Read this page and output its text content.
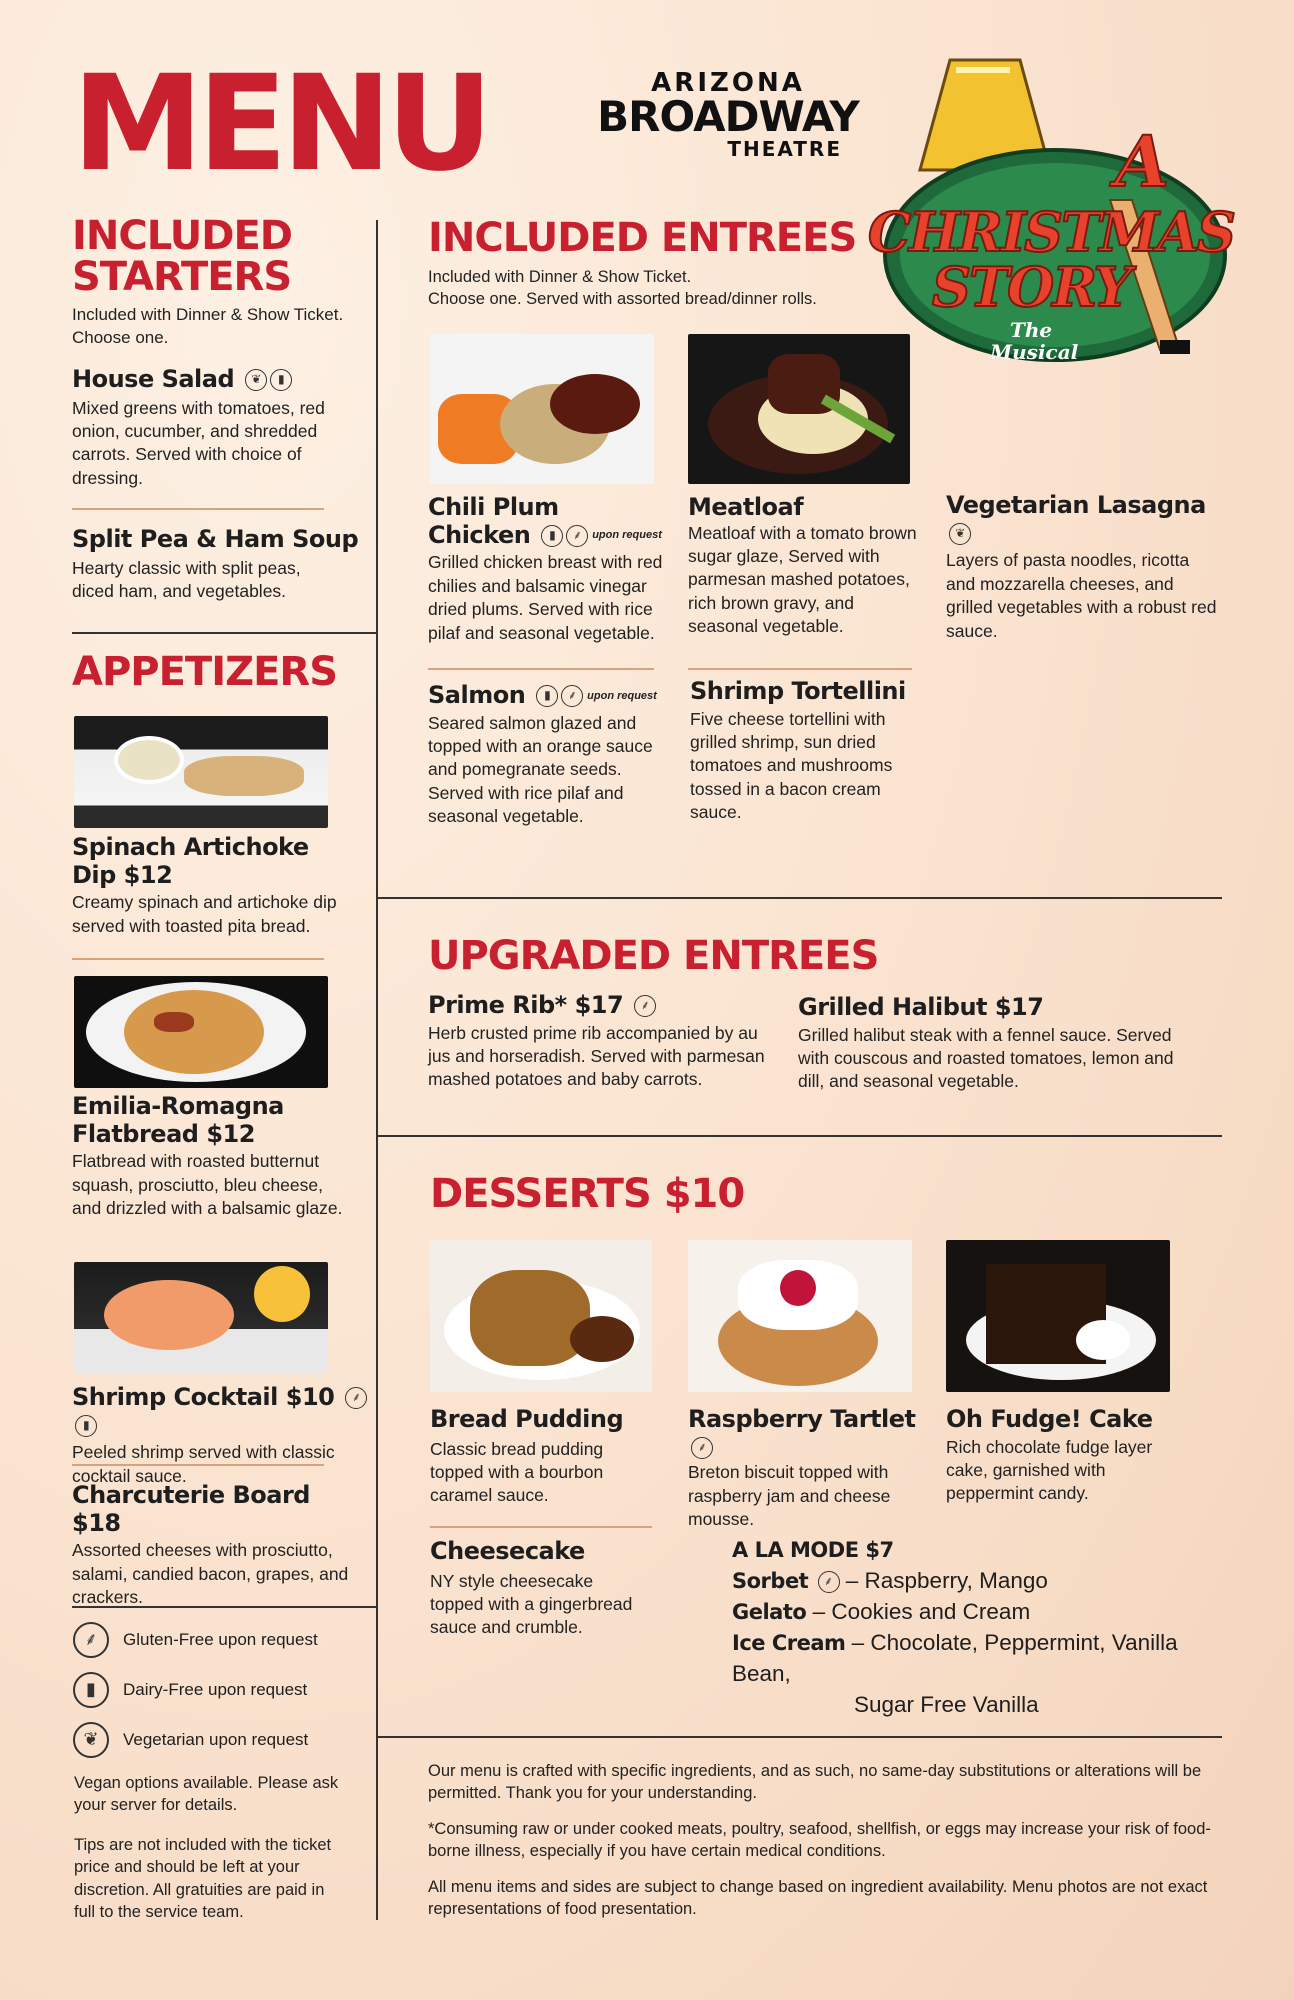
MENU	ARIZONA
BROADWAY
THEATRE	A
CHRISTMAS
STORY
The
Musical
INCLUDED
STARTERS
Included with Dinner & Show Ticket.
Choose one.
House Salad ❦ ▮
Mixed greens with tomatoes, red onion, cucumber, and shredded carrots. Served with choice of dressing.
Split Pea & Ham Soup
Hearty classic with split peas, diced ham, and vegetables.
APPETIZERS
Spinach Artichoke
Dip $12
Creamy spinach and artichoke dip served with toasted pita bread.
Emilia-Romagna
Flatbread $12
Flatbread with roasted butternut squash, prosciutto, bleu cheese, and drizzled with a balsamic glaze.
Shrimp Cocktail $10 ⸙▮
Peeled shrimp served with classic cocktail sauce.
Charcuterie Board $18
Assorted cheeses with prosciutto, salami, candied bacon, grapes, and crackers.
⸙	Gluten-Free upon request
▮	Dairy-Free upon request
❦	Vegetarian upon request
Vegan options available. Please ask your server for details.
Tips are not included with the ticket price and should be left at your discretion. All gratuities are paid in full to the service team.
INCLUDED ENTREES
Included with Dinner & Show Ticket.
Choose one. Served with assorted bread/dinner rolls.
Chili Plum
Chicken ▮ ⸙ upon request
Grilled chicken breast with red chilies and balsamic vinegar dried plums. Served with rice pilaf and seasonal vegetable.
Meatloaf
Meatloaf with a tomato brown sugar glaze, Served with parmesan mashed potatoes, rich brown gravy, and seasonal vegetable.
Vegetarian Lasagna ❦
Layers of pasta noodles, ricotta and mozzarella cheeses, and grilled vegetables with a robust red sauce.
Salmon ▮ ⸙ upon request
Seared salmon glazed and topped with an orange sauce and pomegranate seeds. Served with rice pilaf and seasonal vegetable.
Shrimp Tortellini
Five cheese tortellini with grilled shrimp, sun dried tomatoes and mushrooms tossed in a bacon cream sauce.
UPGRADED ENTREES
Prime Rib* $17 ⸙
Herb crusted prime rib accompanied by au jus and horseradish. Served with parmesan mashed potatoes and baby carrots.
Grilled Halibut $17
Grilled halibut steak with a fennel sauce. Served with couscous and roasted tomatoes, lemon and dill, and seasonal vegetable.
DESSERTS $10
Bread Pudding
Classic bread pudding topped with a bourbon caramel sauce.
Raspberry Tartlet ⸙
Breton biscuit topped with raspberry jam and cheese mousse.
Oh Fudge! Cake
Rich chocolate fudge layer cake, garnished with peppermint candy.
Cheesecake
NY style cheesecake topped with a gingerbread sauce and crumble.
A LA MODE $7
Sorbet ⸙ – Raspberry, Mango
Gelato – Cookies and Cream
Ice Cream – Chocolate, Peppermint, Vanilla Bean,
Sugar Free Vanilla
Our menu is crafted with specific ingredients, and as such, no same-day substitutions or alterations will be permitted. Thank you for your understanding.
*Consuming raw or under cooked meats, poultry, seafood, shellfish, or eggs may increase your risk of food-borne illness, especially if you have certain medical conditions.
All menu items and sides are subject to change based on ingredient availability. Menu photos are not exact representations of food presentation.
